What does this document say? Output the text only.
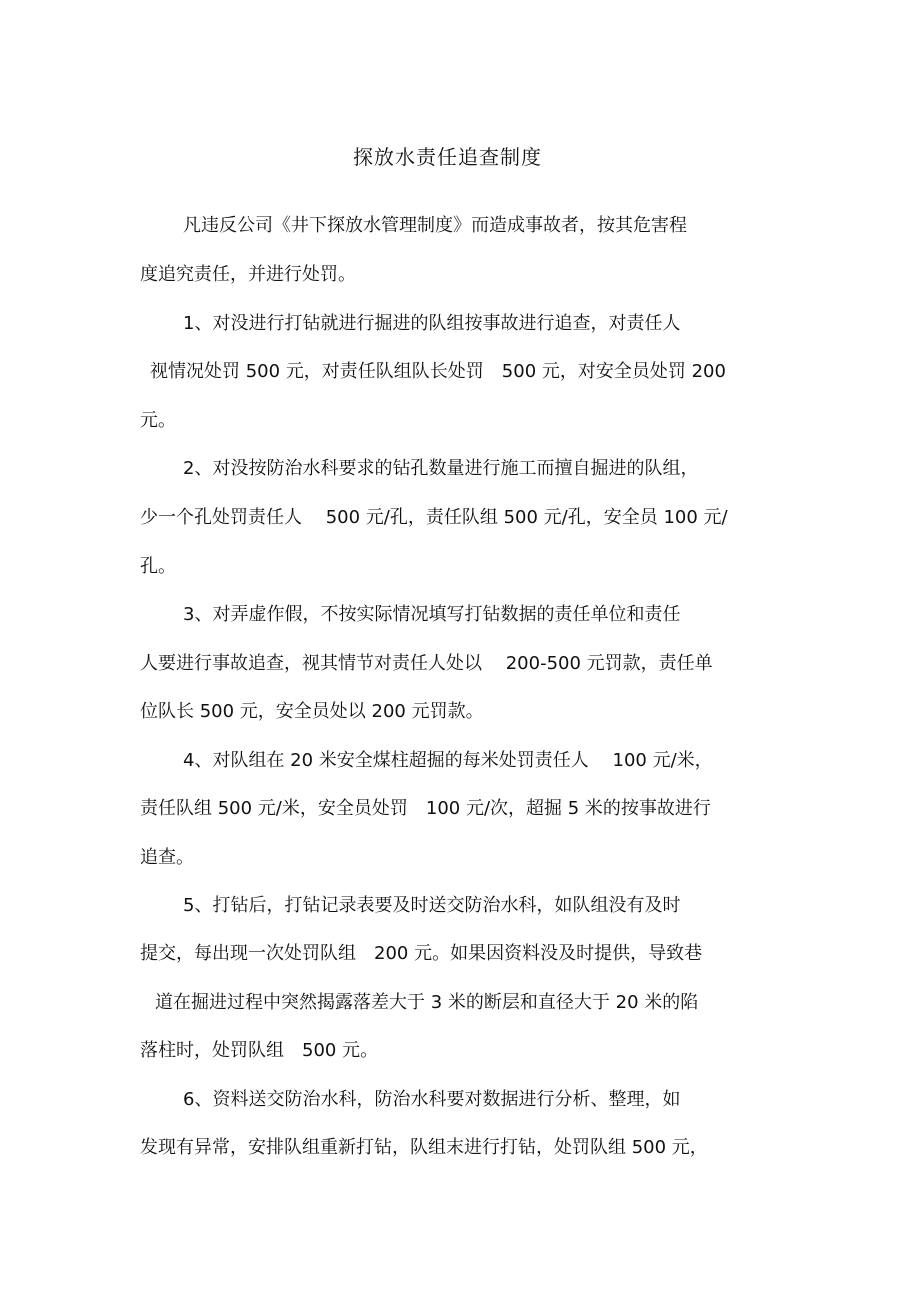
探放水责任追查制度
凡违反公司《井下探放水管理制度》而造成事故者，按其危害程
度追究责任，并进行处罚。
1、对没进行打钻就进行掘进的队组按事故进行追查，对责任人
视情况处罚 500 元，对责任队组队长处罚　500 元，对安全员处罚 200
元。
2、对没按防治水科要求的钻孔数量进行施工而擅自掘进的队组，
少一个孔处罚责任人　 500 元/孔，责任队组 500 元/孔，安全员 100 元/
孔。
3、对弄虚作假，不按实际情况填写打钻数据的责任单位和责任
人要进行事故追查，视其情节对责任人处以　 200-500 元罚款，责任单
位队长 500 元，安全员处以 200 元罚款。
4、对队组在 20 米安全煤柱超掘的每米处罚责任人　 100 元/米，
责任队组 500 元/米，安全员处罚　100 元/次，超掘 5 米的按事故进行
追查。
5、打钻后，打钻记录表要及时送交防治水科，如队组没有及时
提交，每出现一次处罚队组　200 元。如果因资料没及时提供，导致巷
道在掘进过程中突然揭露落差大于 3 米的断层和直径大于 20 米的陷
落柱时，处罚队组　500 元。
6、资料送交防治水科，防治水科要对数据进行分析、整理，如
发现有异常，安排队组重新打钻，队组末进行打钻，处罚队组 500 元，
